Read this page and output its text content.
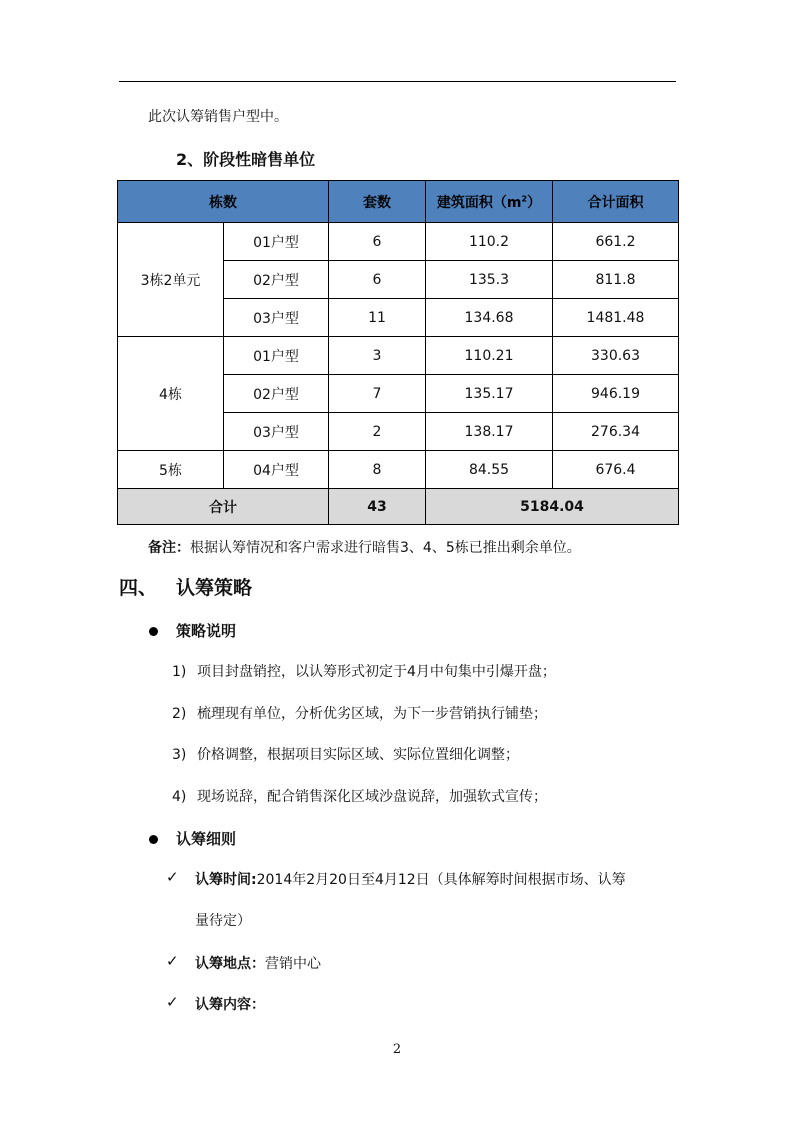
此次认筹销售户型中。
2、阶段性暗售单位
栋数		套数	建筑面积$(m^2)$	合计面积
3栋2单元	01户型	6	110.2	661.2
	02户型	6	135.3	811.8
	03户型	11	134.68	1481.48
4栋	01户型	3	110.21	330.63
	02户型	7	135.17	946.19
	03户型	2	138.17	276.34
5栋	04户型	8	84.55	676.4
合计		43	5184.04	
备注：根据认筹情况和客户需求进行暗售3、4、5栋已推出剩余单位。
四、 认筹策略
策略说明
1) 项目封盘销控，以认筹形式初定于4月中旬集中引爆开盘；
2) 梳理现有单位，分析优劣区域，为下一步营销执行铺垫；
3) 价格调整，根据项目实际区域、实际位置细化调整；
4) 现场说辞，配合销售深化区域沙盘说辞，加强软式宣传；
认筹细则
✓ 认筹时间:2014年2月20日至4月12日（具体解筹时间根据市场、认筹
量待定）
✓ 认筹地点：营销中心
✓ 认筹内容：
2
